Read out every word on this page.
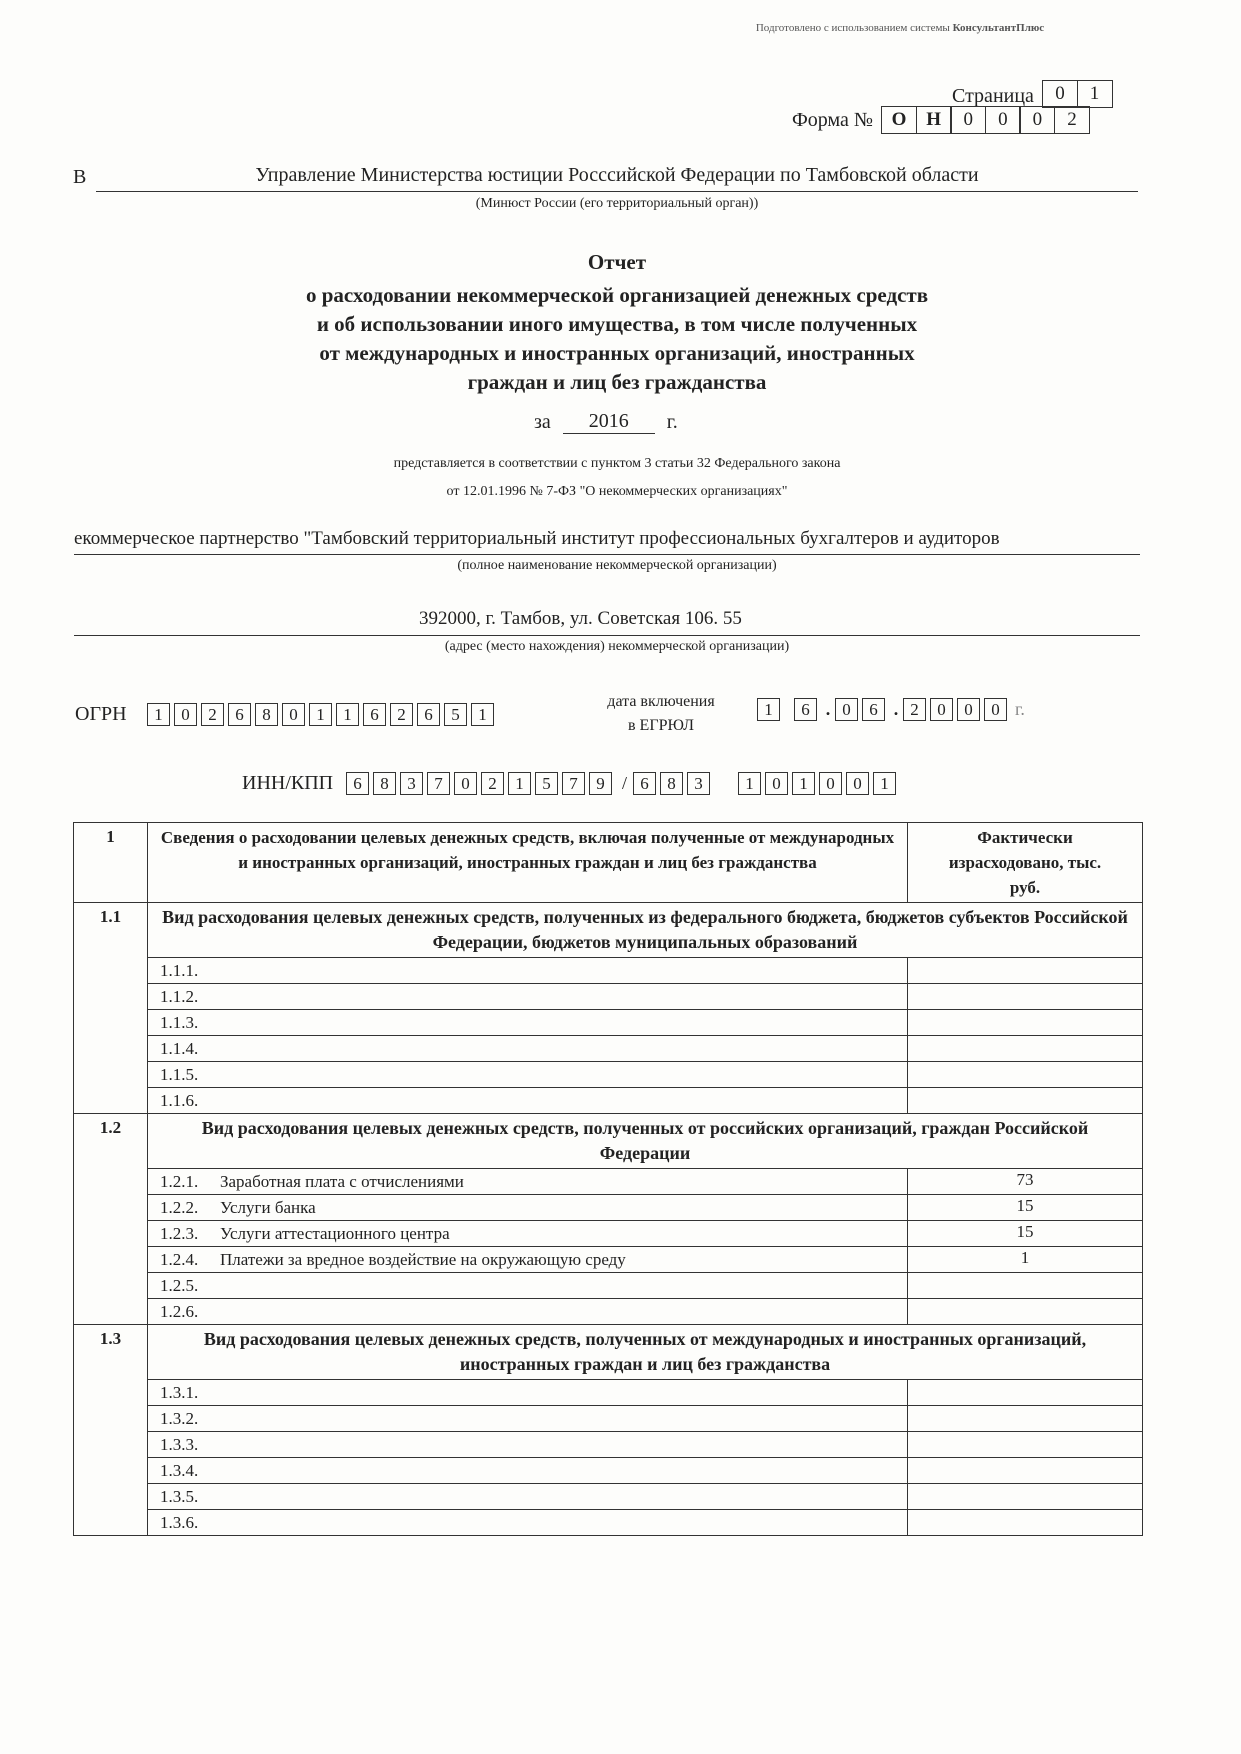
Подготовлено с использованием системы КонсультантПлюс
Страница	0	1
Форма № О	Н	0	0	0	2
В	Управление Министерства юстиции Росссийской Федерации по Тамбовской области
(Минюст России (его территориальный орган))
Отчет
о расходовании некоммерческой организацией денежных средств
и об использовании иного имущества, в том числе полученных
от международных и иностранных организаций, иностранных
граждан и лиц без гражданства
за	2016	г.
представляется в соответствии с пунктом 3 статьи 32 Федерального закона
от 12.01.1996 № 7-ФЗ "О некоммерческих организациях"
екоммерческое партнерство "Тамбовский территориальный институт профессиональных бухгалтеров и аудиторов
(полное наименование некоммерческой организации)
392000, г. Тамбов, ул. Советская 106. 55
(адрес (место нахождения) некоммерческой организации)
ОГРН	1	0	2	6	8	0	1	1	6	2	6	5	1
дата включения
в ЕГРЮЛ
1	6 . 0	6 . 2	0	0	0 г.
ИНН/КПП	6	8	3	7	0	2	1	5	7	9 / 6	8	3	1	0	1	0	0	1
1	Сведения о расходовании целевых денежных средств, включая полученные от международных и иностранных организаций, иностранных граждан и лиц без гражданства	Фактически израсходовано, тыс. руб.
1.1	Вид расходования целевых денежных средств, полученных из федерального бюджета, бюджетов субъектов Российской Федерации, бюджетов муниципальных образований	
	1.1.1.	
	1.1.2.	
	1.1.3.	
	1.1.4.	
	1.1.5.	
	1.1.6.	
1.2	Вид расходования целевых денежных средств, полученных от российских организаций, граждан Российской Федерации	
	1.2.1. Заработная плата с отчислениями	73
	1.2.2. Услуги банка	15
	1.2.3. Услуги аттестационного центра	15
	1.2.4. Платежи за вредное воздействие на окружающую среду	1
	1.2.5.	
	1.2.6.	
1.3	Вид расходования целевых денежных средств, полученных от международных и иностранных организаций, иностранных граждан и лиц без гражданства	
	1.3.1.	
	1.3.2.	
	1.3.3.	
	1.3.4.	
	1.3.5.	
	1.3.6.	
